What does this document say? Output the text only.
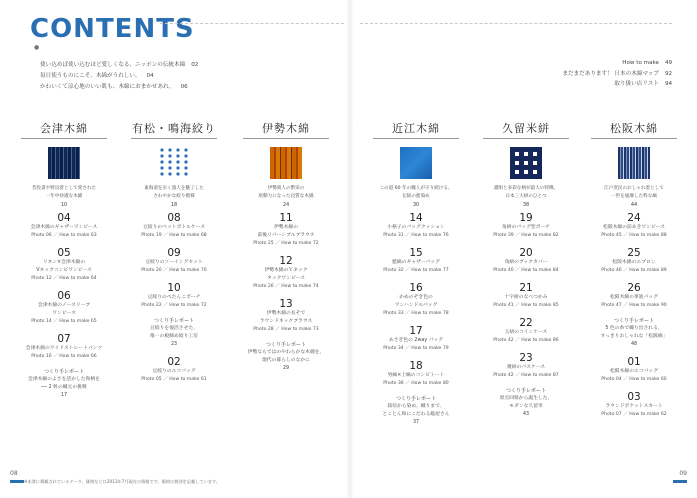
CONTENTS
●
使い込めば使い込むほど愛しくなる、ニッポンの伝統木綿 02
毎日使うものにこそ、木綿がうれしい。 04
かわいくて涼心地のいい肌も、木綿におまかせあれ。 06
How to make 49
まだまだあります！ 日本の木綿マップ 92
取り扱い店リスト 94
会津木綿
昔投書や野良着として愛された
一年中快適な木綿
10
04
会津木綿のギャザーワンピース
Photo 06 ／ How to make 63
05
リネン×会津木綿の
Vネックコンビワンピース
Photo 12 ／ How to make 64
06
会津木綿のノースリーブ
ワンピース
Photo 14 ／ How to make 65
07
会津木綿のワイドストレートパンツ
Photo 16 ／ How to make 66
つくり手レポート
会津木綿のよさを活かした和柄を
── 2 軒の織元の挑戦
17
有松・鳴海絞り
東海道を歩く旅人を魅了した
さわやかな絞り模様
18
08
豆絞りのペットボトルケース
Photo 19 ／ How to make 68
09
豆絞りのソーイングセット
Photo 20 ／ How to make 70
10
豆絞りのぺたんこポーチ
Photo 22 ／ How to make 72
つくり手レポート
豆絞りを復活させた、
唯一の板締め絞り工房
23
02
豆絞りのエコバッグ
Photo 05 ／ How to make 61
伊勢木綿
伊勢商人の繁栄の
原動力になった良質な木綿
24
11
伊勢木綿の
前後リバーシブルブラウス
Photo 25 ／ How to make 72
12
伊勢木綿のＶネック
タックワンピース
Photo 26 ／ How to make 74
13
伊勢木綿の長そで
ラウンドネックブラウス
Photo 28 ／ How to make 73
つくり手レポート
伊勢ならではのやわらかな木綿を、
現代の暮らしのなかに
29
近江木綿
この道 60 年の職人が守り続ける、
伝統の藍染め
30
14
小格子のバッグクッション
Photo 31 ／ How to make 76
15
藍縞のギャザーバッグ
Photo 32 ／ How to make 77
16
かめのぞき色の
ワンハンドルバッグ
Photo 33 ／ How to make 78
17
あさぎ色の 2way バッグ
Photo 34 ／ How to make 79
18
男縞×上縞のコンビトート
Photo 36 ／ How to make 80
つくり手レポート
栽培から染め、織りまで、
とことん和にこだわる総屋さん
37
久留米絣
濃紺と多彩な柄が最大の特徴。
日本三大絣のひとつ
38
19
角絣のバッグ型ポーチ
Photo 39 ／ How to make 82
20
角絣のブックカバー
Photo 40 ／ How to make 84
21
十字絣のなべつかみ
Photo 41 ／ How to make 85
22
玉絣のコインケース
Photo 42 ／ How to make 86
23
幾絣のバスケース
Photo 42 ／ How to make 87
つくり手レポート
原点回帰から誕生した、
モダンな久留米
43
松阪木綿
江戸庶民のおしゃれ着として
一世を風靡した粋な縞
44
24
松阪木綿の前あきワンピース
Photo 45 ／ How to make 88
25
松阪木綿のエプロン
Photo 46 ／ How to make 89
26
松阪木綿の革底バッグ
Photo 47 ／ How to make 90
つくり手レポート
5 色の糸で織り出される、
すっきりおしゃれな「松阪縞」
48
01
松阪木綿のエコバッグ
Photo 04 ／ How to make 60
03
ラウンドポケットスカート
Photo 07 ／ How to make 62
※本書に掲載されているデータ、価格などは2013年7月現在の情報です。価格は税別を記載しています。
08	09
